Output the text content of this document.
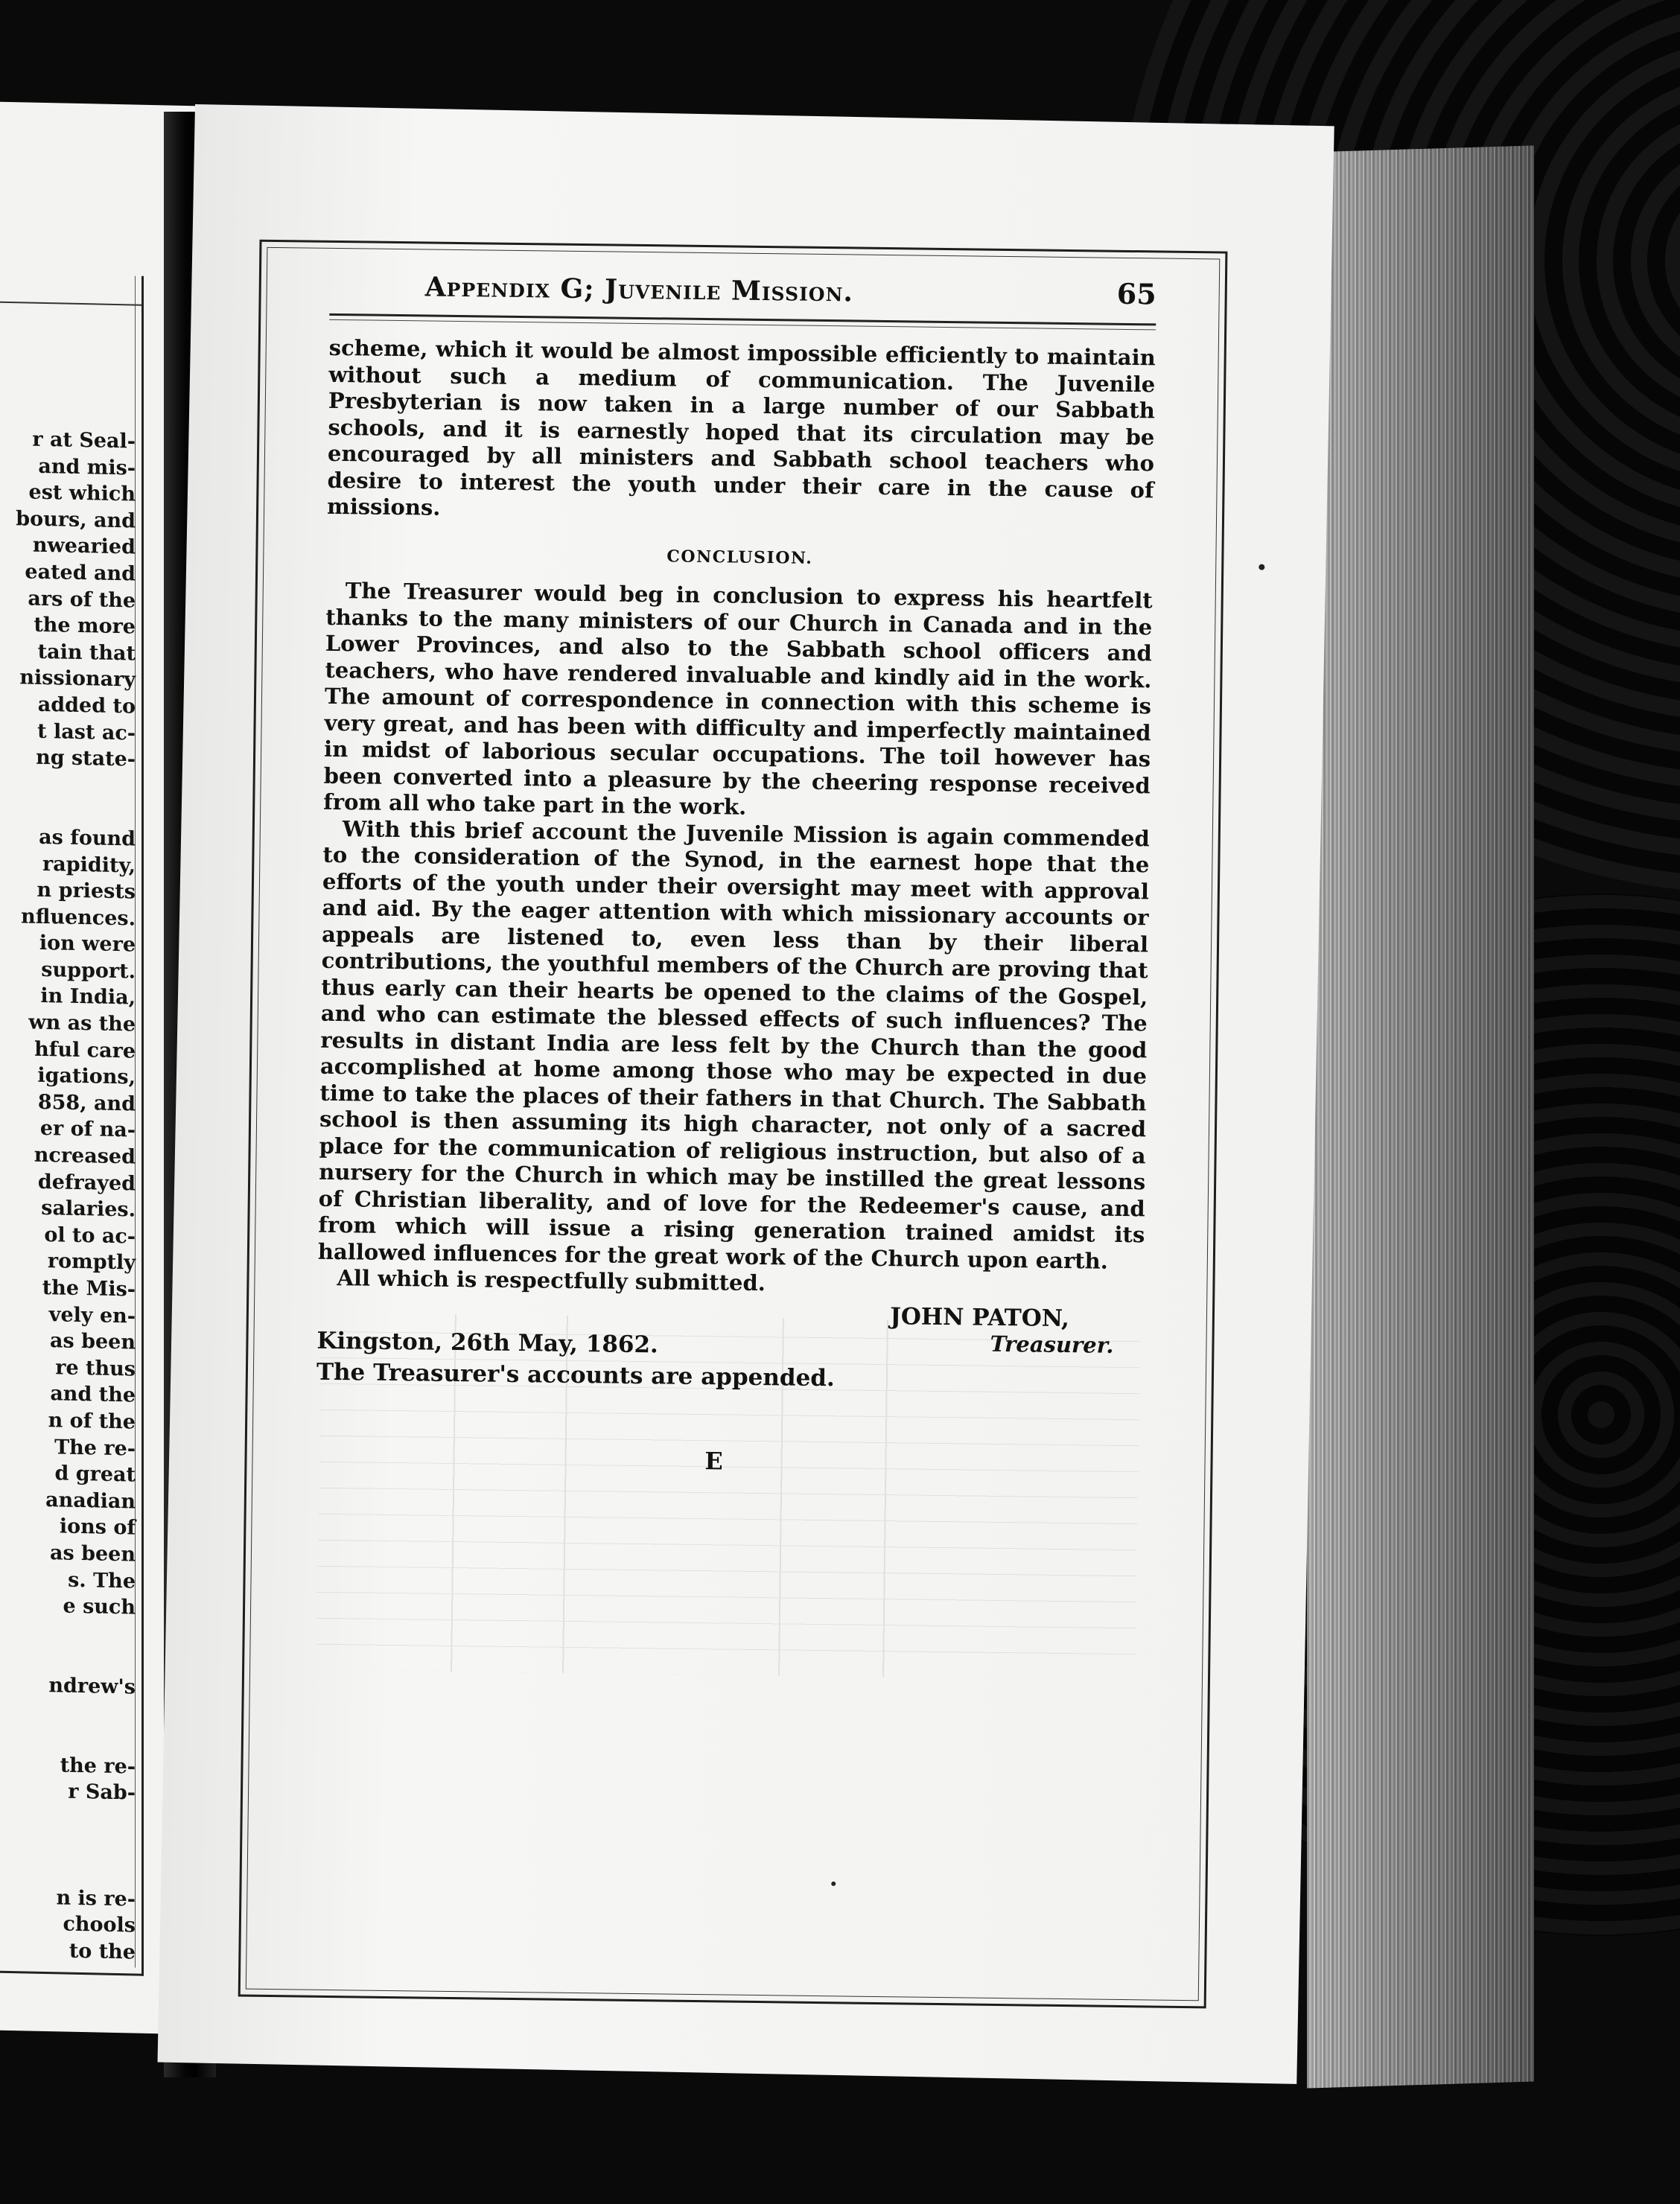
r at Seal-
and mis-
est which
bours, and
nwearied
eated and
ars of the
the more
tain that
nissionary
added to
t last ac-
ng state-
as found
rapidity,
n priests
nfluences.
ion were
support.
in India,
wn as the
hful care
igations,
858, and
er of na-
ncreased
defrayed
salaries.
ol to ac-
romptly
the Mis-
vely en-
as been
re thus
and the
n of the
The re-
d great
anadian
ions of
as been
s. The
e such
ndrew's
the re-
r Sab-
n is re-
chools
to the
Appendix G; Juvenile Mission.	65

scheme, which it would be almost impossible efficiently to maintain without such a medium of communication. The Juvenile Presbyterian is now taken in a large number of our Sabbath schools, and it is earnestly hoped that its circulation may be encouraged by all ministers and Sabbath school teachers who desire to interest the youth under their care in the cause of missions.

CONCLUSION.

The Treasurer would beg in conclusion to express his heartfelt thanks to the many ministers of our Church in Canada and in the Lower Provinces, and also to the Sabbath school officers and teachers, who have rendered invaluable and kindly aid in the work. The amount of correspondence in connection with this scheme is very great, and has been with difficulty and imperfectly maintained in midst of laborious secular occupations. The toil however has been converted into a pleasure by the cheering response received from all who take part in the work.

With this brief account the Juvenile Mission is again commended to the consideration of the Synod, in the earnest hope that the efforts of the youth under their oversight may meet with approval and aid. By the eager attention with which missionary accounts or appeals are listened to, even less than by their liberal contributions, the youthful members of the Church are proving that thus early can their hearts be opened to the claims of the Gospel, and who can estimate the blessed effects of such influences? The results in distant India are less felt by the Church than the good accomplished at home among those who may be expected in due time to take the places of their fathers in that Church. The Sabbath school is then assuming its high character, not only of a sacred place for the communication of religious instruction, but also of a nursery for the Church in which may be instilled the great lessons of Christian liberality, and of love for the Redeemer's cause, and from which will issue a rising generation trained amidst its hallowed influences for the great work of the Church upon earth.

All which is respectfully submitted.

JOHN PATON,
Treasurer.
Kingston, 26th May, 1862.
The Treasurer's accounts are appended.
E
